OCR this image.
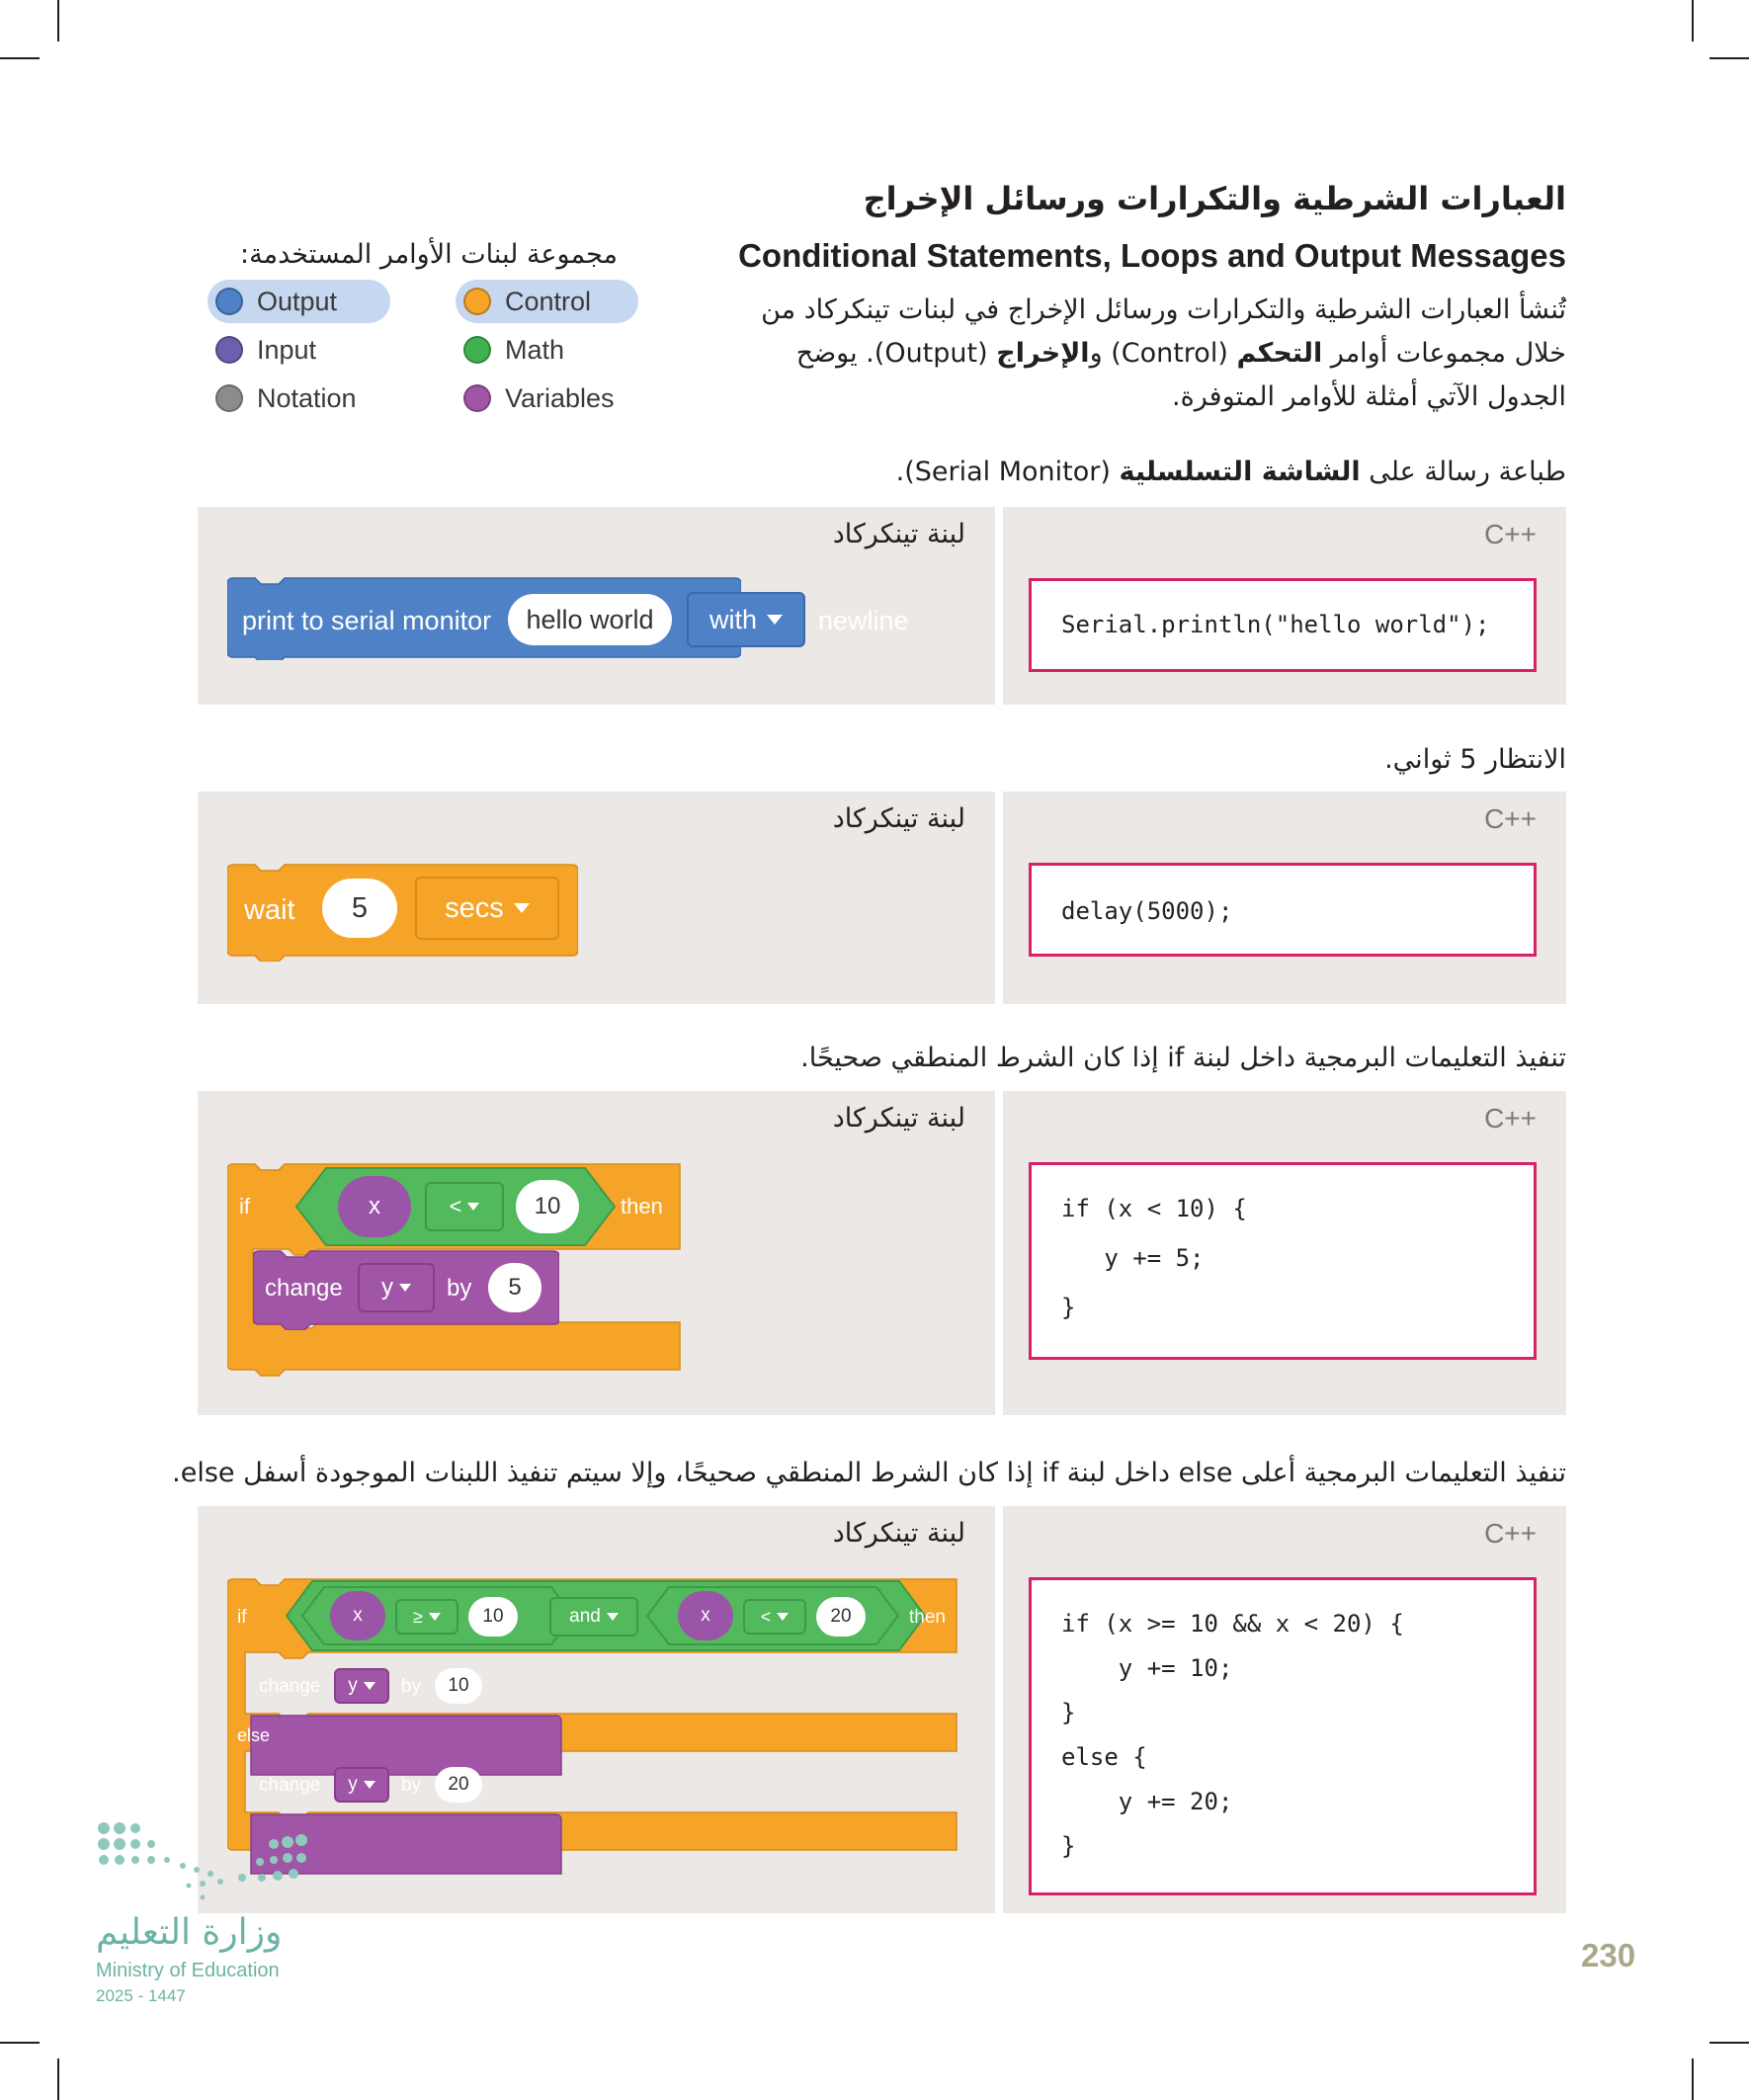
العبارات الشرطية والتكرارات ورسائل الإخراج
Conditional Statements, Loops and Output Messages
تُنشأ العبارات الشرطية والتكرارات ورسائل الإخراج في لبنات تينكركاد من خلال مجموعات أوامر التحكم (Control) والإخراج (Output). يوضح الجدول الآتي أمثلة للأوامر المتوفرة.
مجموعة لبنات الأوامر المستخدمة:
Output	Control
Input	Math
Notation	Variables
طباعة رسالة على الشاشة التسلسلية (Serial Monitor).
لبنة تينكركاد
print to serial monitor	hello world	with newline
C++
Serial.println("hello world");
الانتظار 5 ثواني.
لبنة تينكركاد
wait	5	secs
C++
delay(5000);
تنفيذ التعليمات البرمجية داخل لبنة if إذا كان الشرط المنطقي صحيحًا.
لبنة تينكركاد
if	x	<	10	then
change y by	5
C++
if (x < 10) {
y += 5;
}
تنفيذ التعليمات البرمجية أعلى else داخل لبنة if إذا كان الشرط المنطقي صحيحًا، وإلا سيتم تنفيذ اللبنات الموجودة أسفل else.
لبنة تينكركاد
if	x	≥	10	and	x	<	20	then
change y by	10
else
change y by	20
C++
if (x >= 10 && x < 20) {
y += 10;
}
else {
y += 20;
}
وزارة التعليم
Ministry of Education
2025 - 1447
230
